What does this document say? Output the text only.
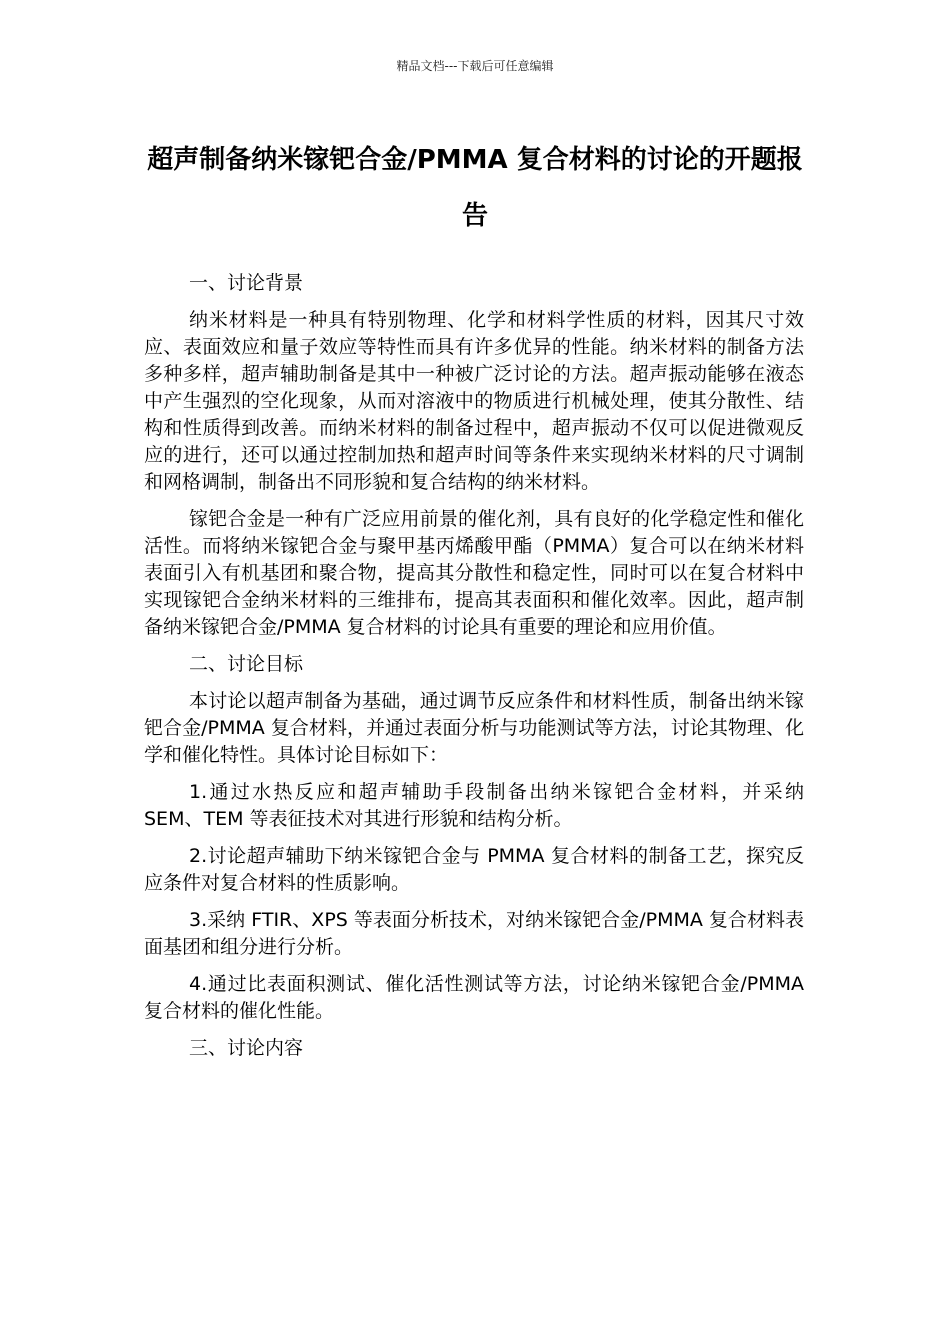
精品文档---下载后可任意编辑
超声制备纳米镓钯合金/PMMA 复合材料的讨论的开题报告

一、讨论背景

纳米材料是一种具有特别物理、化学和材料学性质的材料，因其尺寸效应、表面效应和量子效应等特性而具有许多优异的性能。纳米材料的制备方法多种多样，超声辅助制备是其中一种被广泛讨论的方法。超声振动能够在液态中产生强烈的空化现象，从而对溶液中的物质进行机械处理，使其分散性、结构和性质得到改善。而纳米材料的制备过程中，超声振动不仅可以促进微观反应的进行，还可以通过控制加热和超声时间等条件来实现纳米材料的尺寸调制和网格调制，制备出不同形貌和复合结构的纳米材料。

镓钯合金是一种有广泛应用前景的催化剂，具有良好的化学稳定性和催化活性。而将纳米镓钯合金与聚甲基丙烯酸甲酯（PMMA）复合可以在纳米材料表面引入有机基团和聚合物，提高其分散性和稳定性，同时可以在复合材料中实现镓钯合金纳米材料的三维排布，提高其表面积和催化效率。因此，超声制备纳米镓钯合金/PMMA 复合材料的讨论具有重要的理论和应用价值。

二、讨论目标

本讨论以超声制备为基础，通过调节反应条件和材料性质，制备出纳米镓钯合金/PMMA 复合材料，并通过表面分析与功能测试等方法，讨论其物理、化学和催化特性。具体讨论目标如下：

1.通过水热反应和超声辅助手段制备出纳米镓钯合金材料，并采纳 SEM、TEM 等表征技术对其进行形貌和结构分析。

2.讨论超声辅助下纳米镓钯合金与 PMMA 复合材料的制备工艺，探究反应条件对复合材料的性质影响。

3.采纳 FTIR、XPS 等表面分析技术，对纳米镓钯合金/PMMA 复合材料表面基团和组分进行分析。

4.通过比表面积测试、催化活性测试等方法，讨论纳米镓钯合金/PMMA 复合材料的催化性能。

三、讨论内容
